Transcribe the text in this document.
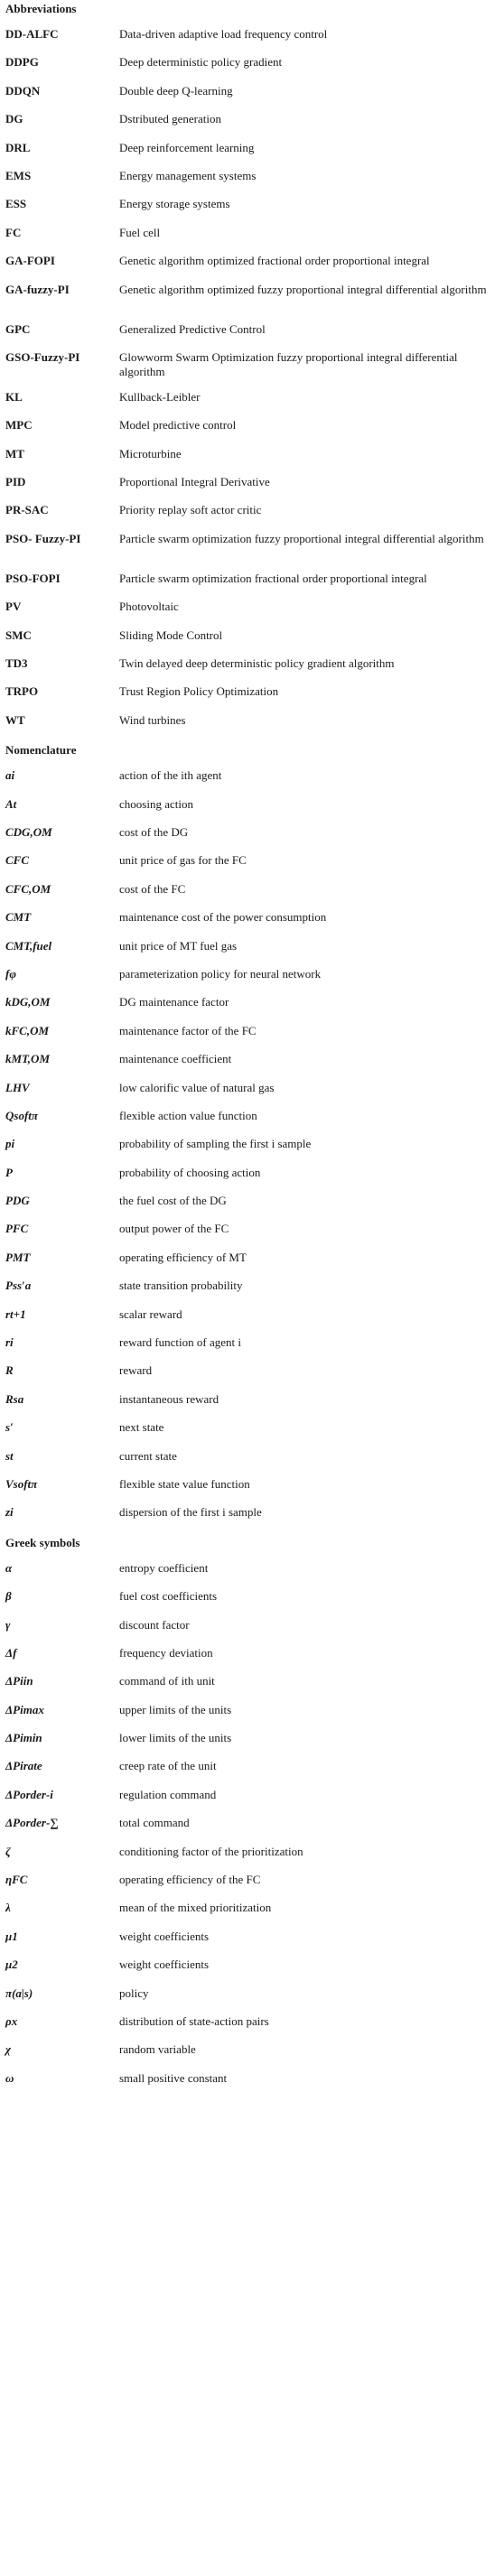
Abbreviations
DD-ALFC	Data-driven adaptive load frequency control
DDPG	Deep deterministic policy gradient
DDQN	Double deep Q-learning
DG	Dstributed generation
DRL	Deep reinforcement learning
EMS	Energy management systems
ESS	Energy storage systems
FC	Fuel cell
GA-FOPI	Genetic algorithm optimized fractional order proportional integral
GA-fuzzy-PI	Genetic algorithm optimized fuzzy proportional integral differential algorithm
GPC	Generalized Predictive Control
GSO-Fuzzy-PI	Glowworm Swarm Optimization fuzzy proportional integral differential algorithm
KL	Kullback-Leibler
MPC	Model predictive control
MT	Microturbine
PID	Proportional Integral Derivative
PR-SAC	Priority replay soft actor critic
PSO- Fuzzy-PI	Particle swarm optimization fuzzy proportional integral differential algorithm
PSO-FOPI	Particle swarm optimization fractional order proportional integral
PV	Photovoltaic
SMC	Sliding Mode Control
TD3	Twin delayed deep deterministic policy gradient algorithm
TRPO	Trust Region Policy Optimization
WT	Wind turbines
Nomenclature
ai	action of the ith agent
At	choosing action
CDG,OM	cost of the DG
CFC	unit price of gas for the FC
CFC,OM	cost of the FC
CMT	maintenance cost of the power consumption
CMT,fuel	unit price of MT fuel gas
fφ	parameterization policy for neural network
kDG,OM	DG maintenance factor
kFC,OM	maintenance factor of the FC
kMT,OM	maintenance coefficient
LHV	low calorific value of natural gas
Qsoftπ	flexible action value function
pi	probability of sampling the first i sample
P	probability of choosing action
PDG	the fuel cost of the DG
PFC	output power of the FC
PMT	operating efficiency of MT
Pss′a	state transition probability
rt+1	scalar reward
ri	reward function of agent i
R	reward
Rsa	instantaneous reward
s′	next state
st	current state
Vsoftπ	flexible state value function
zi	dispersion of the first i sample
Greek symbols
α	entropy coefficient
β	fuel cost coefficients
γ	discount factor
Δf	frequency deviation
ΔPiin	command of ith unit
ΔPimax	upper limits of the units
ΔPimin	lower limits of the units
ΔPirate	creep rate of the unit
ΔPorder-i	regulation command
ΔPorder-∑	total command
ζ	conditioning factor of the prioritization
ηFC	operating efficiency of the FC
λ	mean of the mixed prioritization
μ1	weight coefficients
μ2	weight coefficients
π(a|s)	policy
ρx	distribution of state-action pairs
χ	random variable
ω	small positive constant
